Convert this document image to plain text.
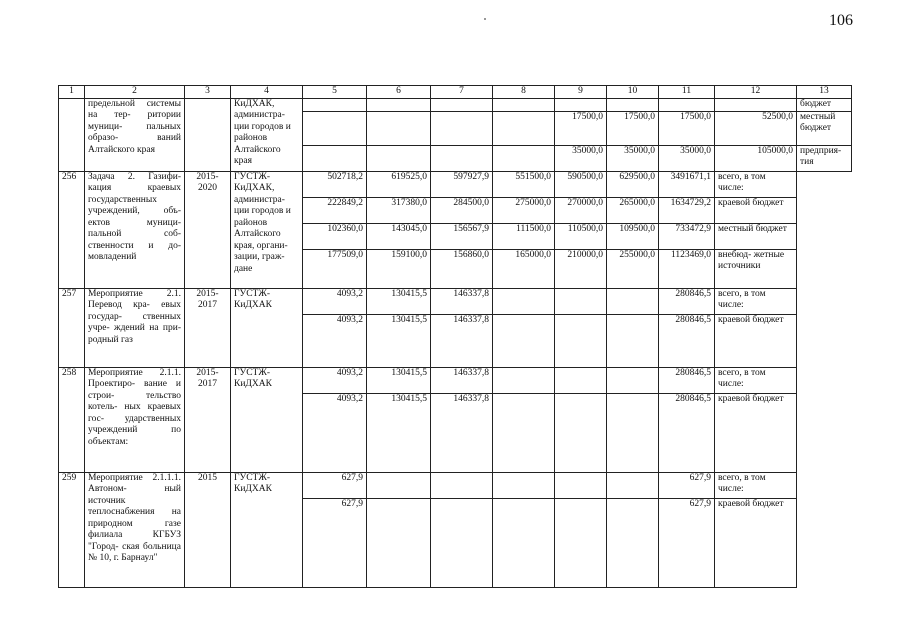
106
1	2	3	4	5	6	7	8	9	10	11	12	13
	предельной системы на тер- ритории муници- пальных образо- ваний Алтайского края		КиДХАК, администра- ции городов и районов Алтайского края									бюджет
								17500,0	17500,0	17500,0	52500,0	местный бюджет
								35000,0	35000,0	35000,0	105000,0	предприя- тия
256	Задача 2. Газифи- кация краевых государственных учреждений, объ- ектов муници- пальной соб- ственности и до- мовладений	2015- 2020	ГУСТЖ- КиДХАК, администра- ции городов и районов Алтайского края, органи- зации, граж- дане	502718,2	619525,0	597927,9	551500,0	590500,0	629500,0	3491671,1	всего, в том числе:	
				222849,2	317380,0	284500,0	275000,0	270000,0	265000,0	1634729,2	краевой бюджет	
				102360,0	143045,0	156567,9	111500,0	110500,0	109500,0	733472,9	местный бюджет	
				177509,0	159100,0	156860,0	165000,0	210000,0	255000,0	1123469,0	внебюд- жетные источники	
257	Мероприятие 2.1. Перевод кра- евых государ- ственных учре- ждений на при- родный газ	2015- 2017	ГУСТЖ- КиДХАК	4093,2	130415,5	146337,8				280846,5	всего, в том числе:	
				4093,2	130415,5	146337,8				280846,5	краевой бюджет	
258	Мероприятие 2.1.1. Проектиро- вание и строи- тельство котель- ных краевых гос- ударственных учреждений по объектам:	2015- 2017	ГУСТЖ- КиДХАК	4093,2	130415,5	146337,8				280846,5	всего, в том числе:	
				4093,2	130415,5	146337,8				280846,5	краевой бюджет	
259	Мероприятие 2.1.1.1. Автоном- ный источник теплоснабжения на природном газе филиала КГБУЗ "Город- ская больница № 10, г. Барнаул"	2015	ГУСТЖ- КиДХАК	627,9						627,9	всего, в том числе:	
				627,9						627,9	краевой бюджет	
